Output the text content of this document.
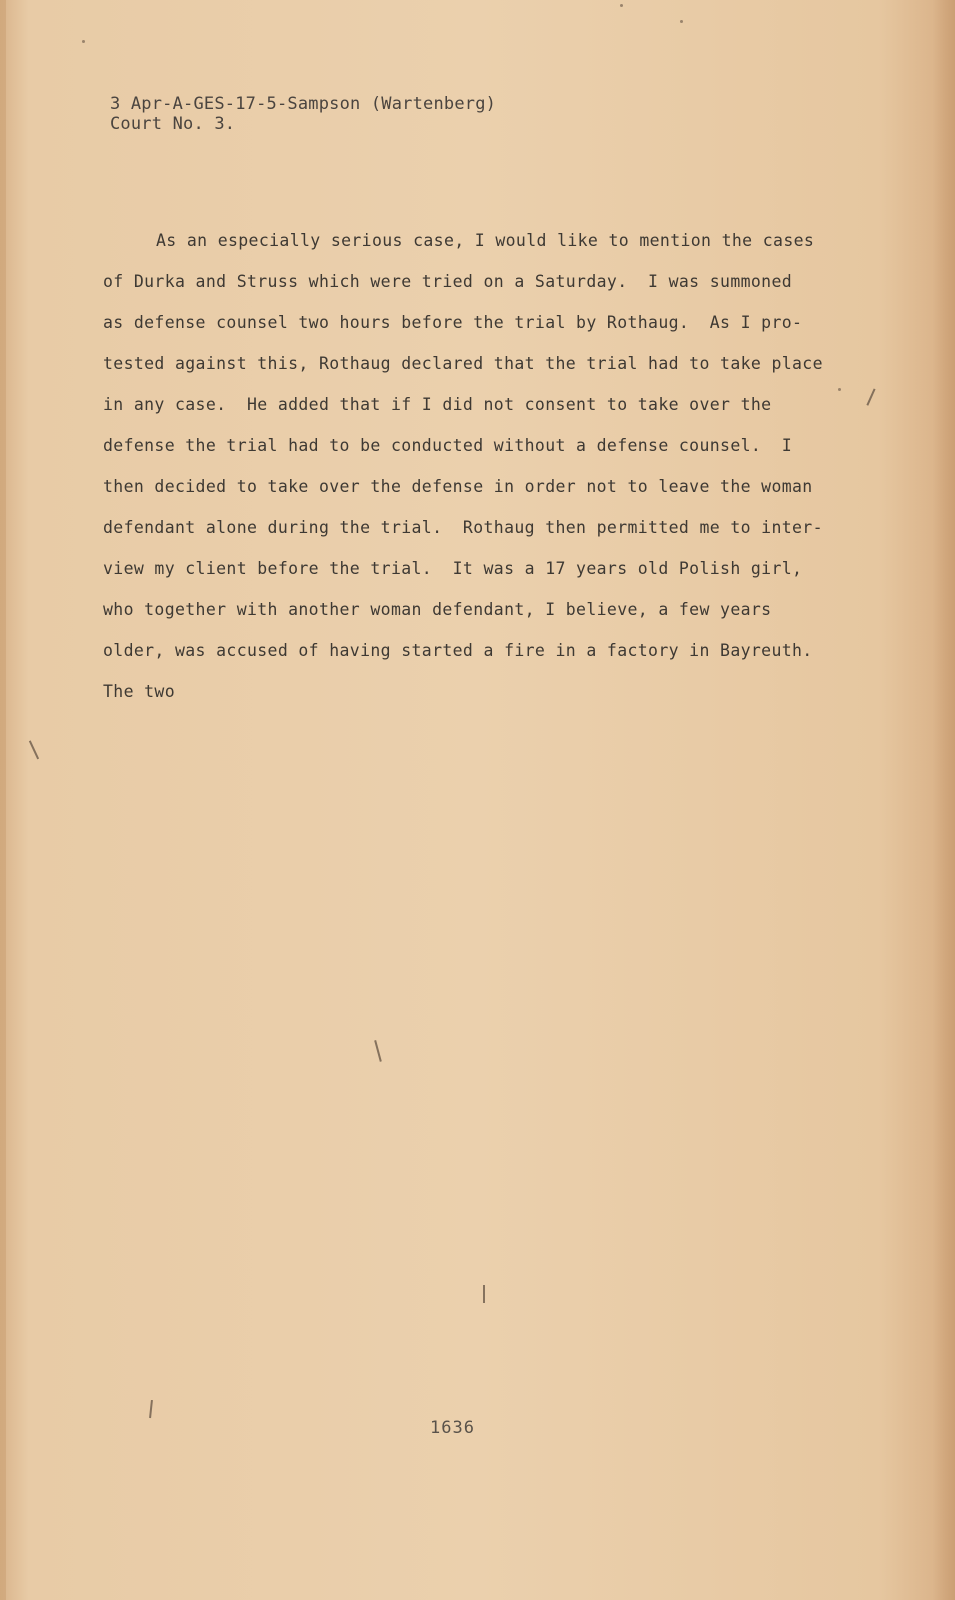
3 Apr-A-GES-17-5-Sampson (Wartenberg)
Court No. 3.
As an especially serious case, I would like to mention the cases
of Durka and Struss which were tried on a Saturday.  I was summoned
as defense counsel two hours before the trial by Rothaug.  As I pro-
tested against this, Rothaug declared that the trial had to take place
in any case.  He added that if I did not consent to take over the
defense the trial had to be conducted without a defense counsel.  I
then decided to take over the defense in order not to leave the woman
defendant alone during the trial.  Rothaug then permitted me to inter-
view my client before the trial.  It was a 17 years old Polish girl,
who together with another woman defendant, I believe, a few years
older, was accused of having started a fire in a factory in Bayreuth.
The two
1636
